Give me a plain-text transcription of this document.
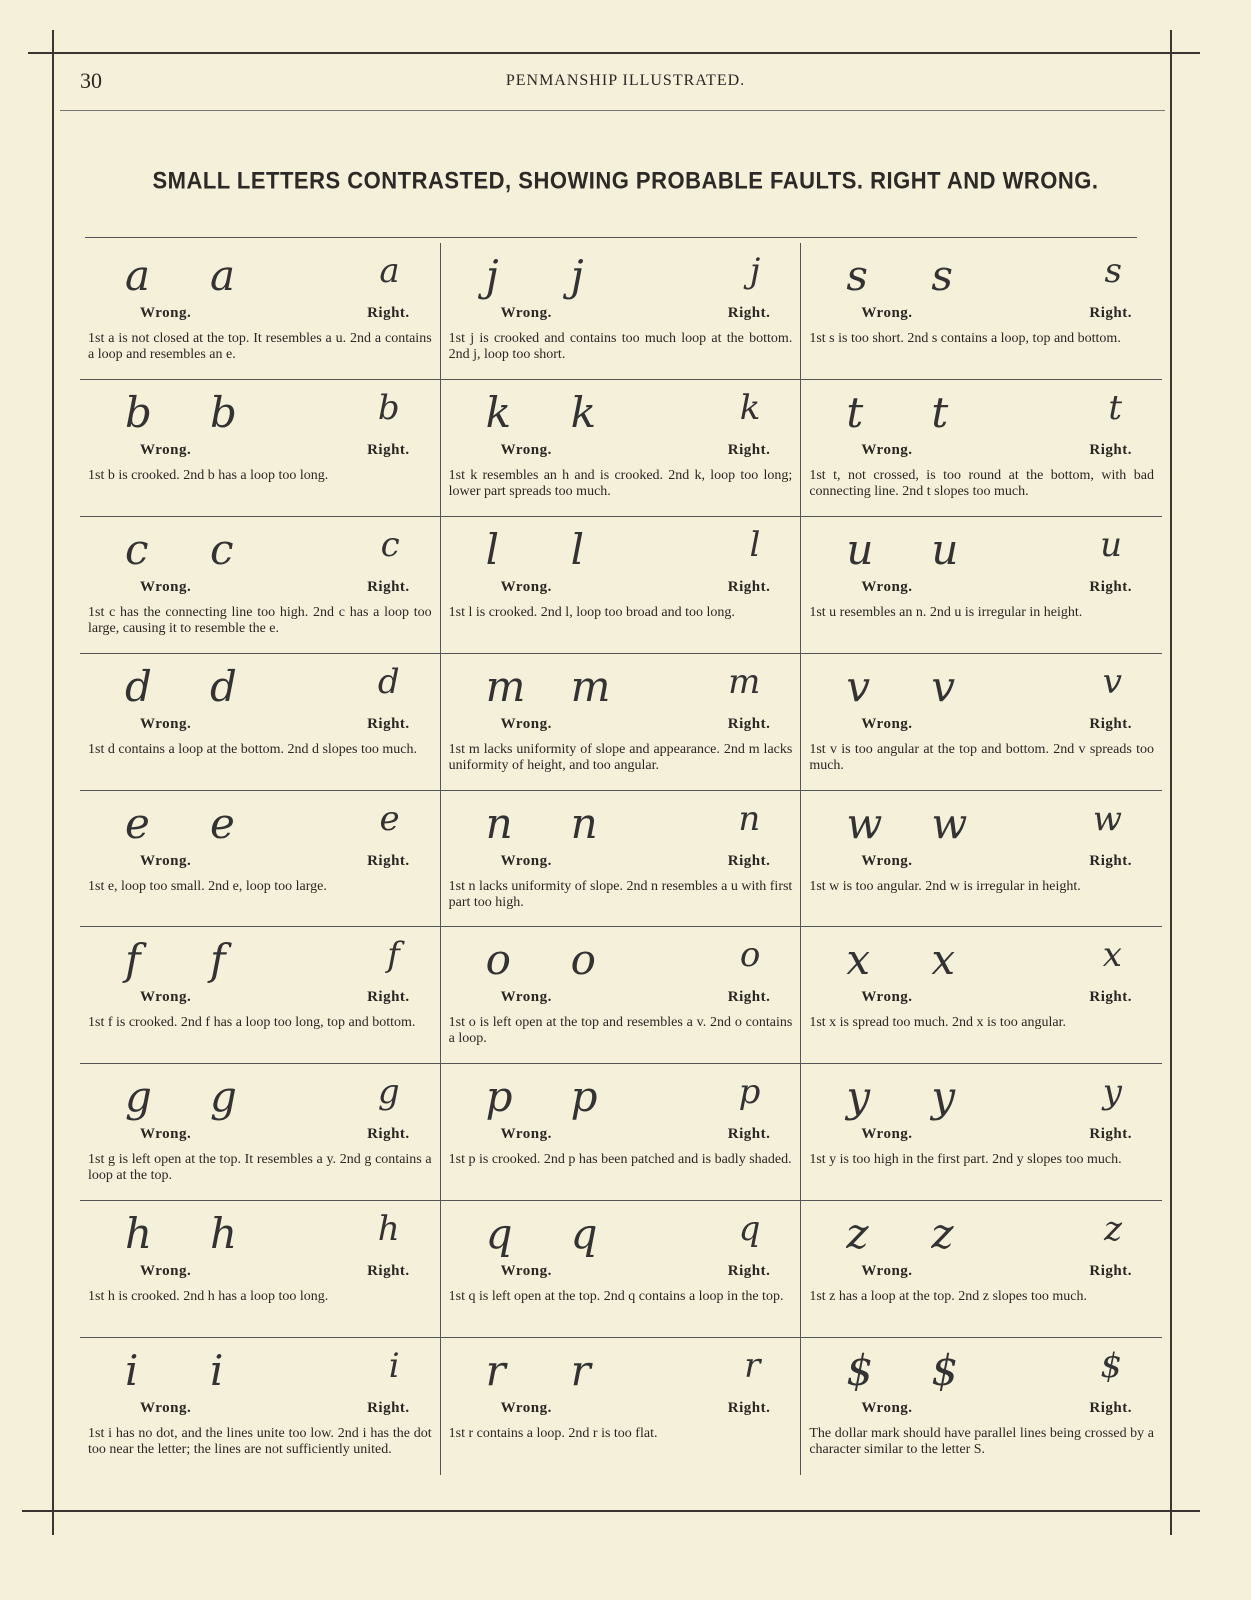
30	PENMANSHIP ILLUSTRATED.
SMALL LETTERS CONTRASTED, SHOWING PROBABLE FAULTS. RIGHT AND WRONG.
a a	a
Wrong.	Right.
1st a is not closed at the top. It resembles a u. 2nd a contains a loop and resembles an e.
b b	b
Wrong.	Right.
1st b is crooked. 2nd b has a loop too long.
c c	c
Wrong.	Right.
1st c has the connecting line too high. 2nd c has a loop too large, causing it to resemble the e.
d d	d
Wrong.	Right.
1st d contains a loop at the bottom. 2nd d slopes too much.
e e	e
Wrong.	Right.
1st e, loop too small. 2nd e, loop too large.
f f	f
Wrong.	Right.
1st f is crooked. 2nd f has a loop too long, top and bottom.
g g	g
Wrong.	Right.
1st g is left open at the top. It resembles a y. 2nd g contains a loop at the top.
h h	h
Wrong.	Right.
1st h is crooked. 2nd h has a loop too long.
i i	i
Wrong.	Right.
1st i has no dot, and the lines unite too low. 2nd i has the dot too near the letter; the lines are not sufficiently united.
j j	j
Wrong.	Right.
1st j is crooked and contains too much loop at the bottom. 2nd j, loop too short.
k k	k
Wrong.	Right.
1st k resembles an h and is crooked. 2nd k, loop too long; lower part spreads too much.
l l	l
Wrong.	Right.
1st l is crooked. 2nd l, loop too broad and too long.
m m	m
Wrong.	Right.
1st m lacks uniformity of slope and appearance. 2nd m lacks uniformity of height, and too angular.
n n	n
Wrong.	Right.
1st n lacks uniformity of slope. 2nd n resembles a u with first part too high.
o o	o
Wrong.	Right.
1st o is left open at the top and resembles a v. 2nd o contains a loop.
p p	p
Wrong.	Right.
1st p is crooked. 2nd p has been patched and is badly shaded.
q q	q
Wrong.	Right.
1st q is left open at the top. 2nd q contains a loop in the top.
r r	r
Wrong.	Right.
1st r contains a loop. 2nd r is too flat.
s s	s
Wrong.	Right.
1st s is too short. 2nd s contains a loop, top and bottom.
t t	t
Wrong.	Right.
1st t, not crossed, is too round at the bottom, with bad connecting line. 2nd t slopes too much.
u u	u
Wrong.	Right.
1st u resembles an n. 2nd u is irregular in height.
v v	v
Wrong.	Right.
1st v is too angular at the top and bottom. 2nd v spreads too much.
w w	w
Wrong.	Right.
1st w is too angular. 2nd w is irregular in height.
x x	x
Wrong.	Right.
1st x is spread too much. 2nd x is too angular.
y y	y
Wrong.	Right.
1st y is too high in the first part. 2nd y slopes too much.
z z	z
Wrong.	Right.
1st z has a loop at the top. 2nd z slopes too much.
$ $	$
Wrong.	Right.
The dollar mark should have parallel lines being crossed by a character similar to the letter S.
